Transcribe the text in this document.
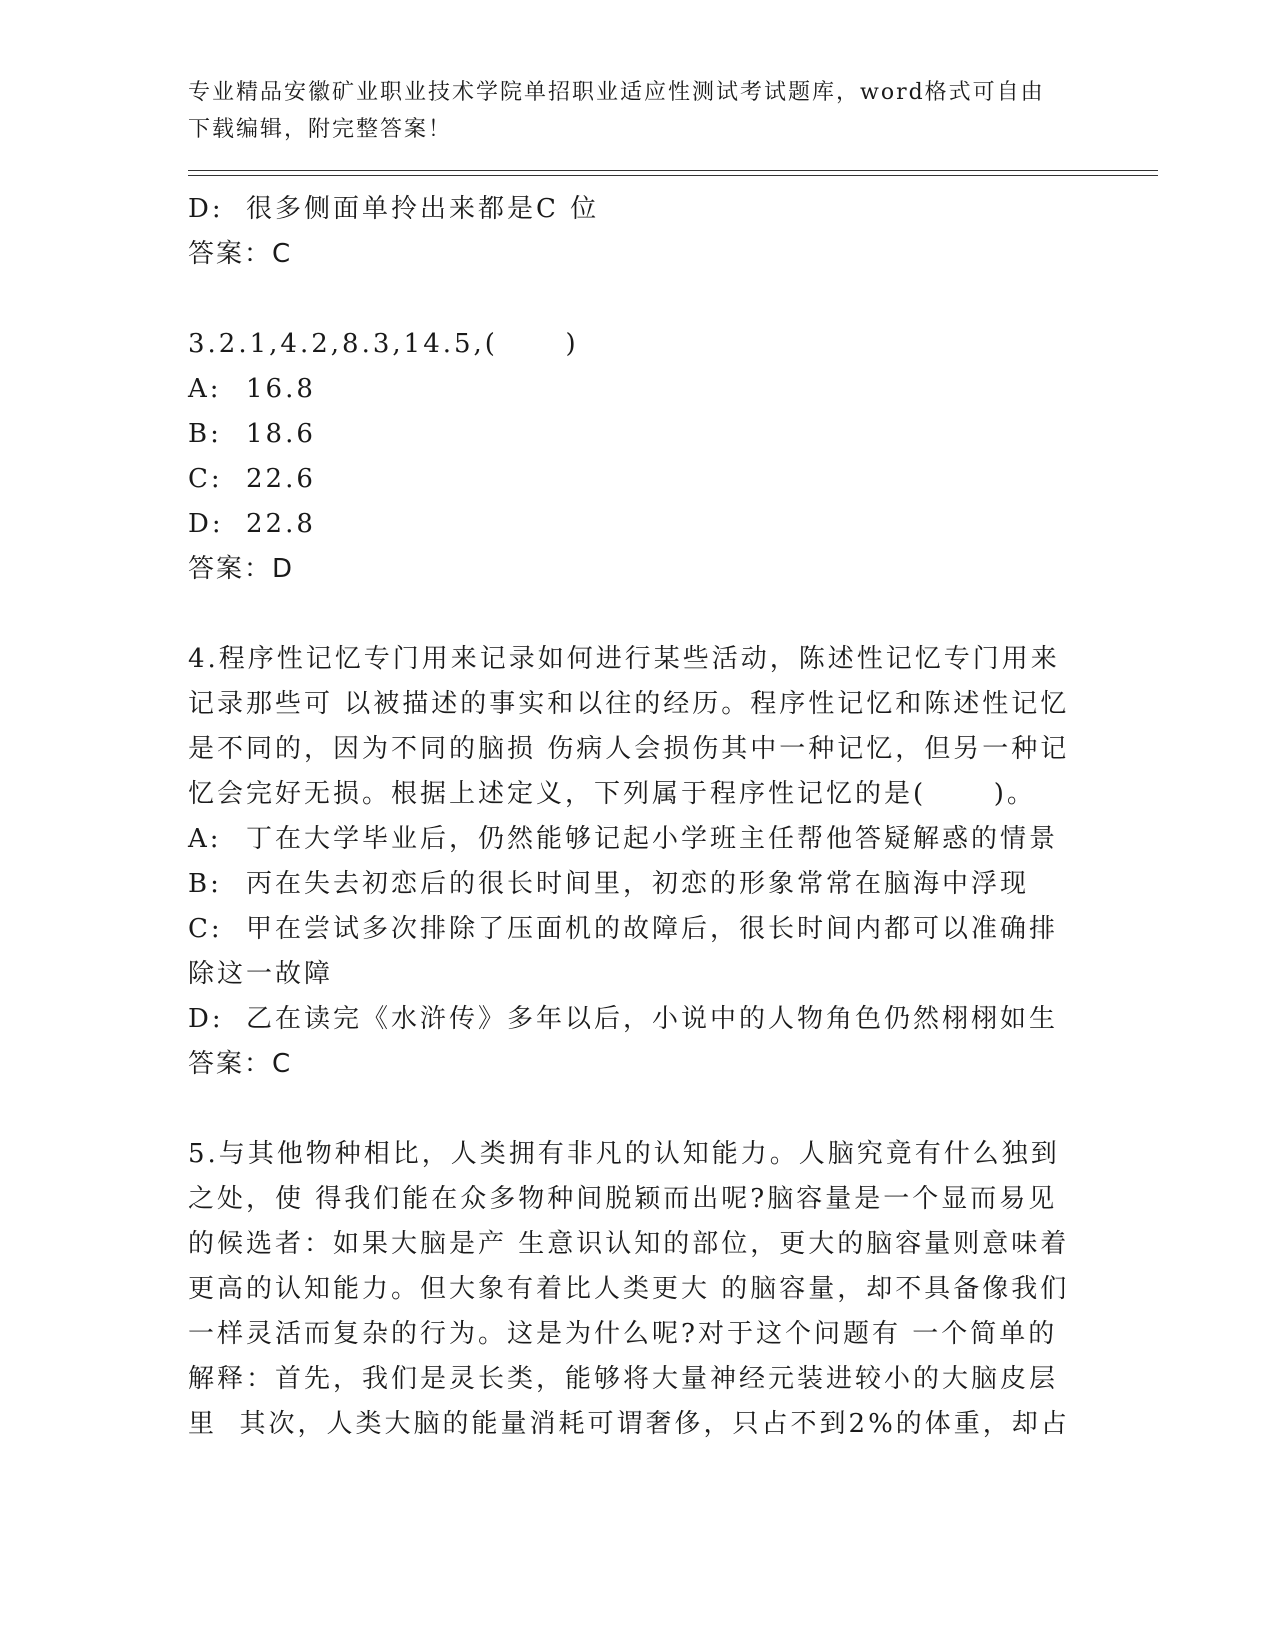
专业精品安徽矿业职业技术学院单招职业适应性测试考试题库，word格式可自由
下载编辑，附完整答案！
D: 很多侧面单拎出来都是C 位
答案：C
3.2.1,4.2,8.3,14.5,(      )
A: 16.8
B: 18.6
C: 22.6
D: 22.8
答案：D
4.程序性记忆专门用来记录如何进行某些活动，陈述性记忆专门用来
记录那些可 以被描述的事实和以往的经历。程序性记忆和陈述性记忆
是不同的，因为不同的脑损 伤病人会损伤其中一种记忆，但另一种记
忆会完好无损。根据上述定义，下列属于程序性记忆的是(      )。
A: 丁在大学毕业后，仍然能够记起小学班主任帮他答疑解惑的情景
B: 丙在失去初恋后的很长时间里，初恋的形象常常在脑海中浮现
C: 甲在尝试多次排除了压面机的故障后，很长时间内都可以准确排
除这一故障
D: 乙在读完《水浒传》多年以后，小说中的人物角色仍然栩栩如生
答案：C
5.与其他物种相比，人类拥有非凡的认知能力。人脑究竟有什么独到
之处，使 得我们能在众多物种间脱颖而出呢?脑容量是一个显而易见
的候选者：如果大脑是产 生意识认知的部位，更大的脑容量则意味着
更高的认知能力。但大象有着比人类更大 的脑容量，却不具备像我们
一样灵活而复杂的行为。这是为什么呢?对于这个问题有 一个简单的
解释：首先，我们是灵长类，能够将大量神经元装进较小的大脑皮层
里  其次，人类大脑的能量消耗可谓奢侈，只占不到2%的体重，却占
